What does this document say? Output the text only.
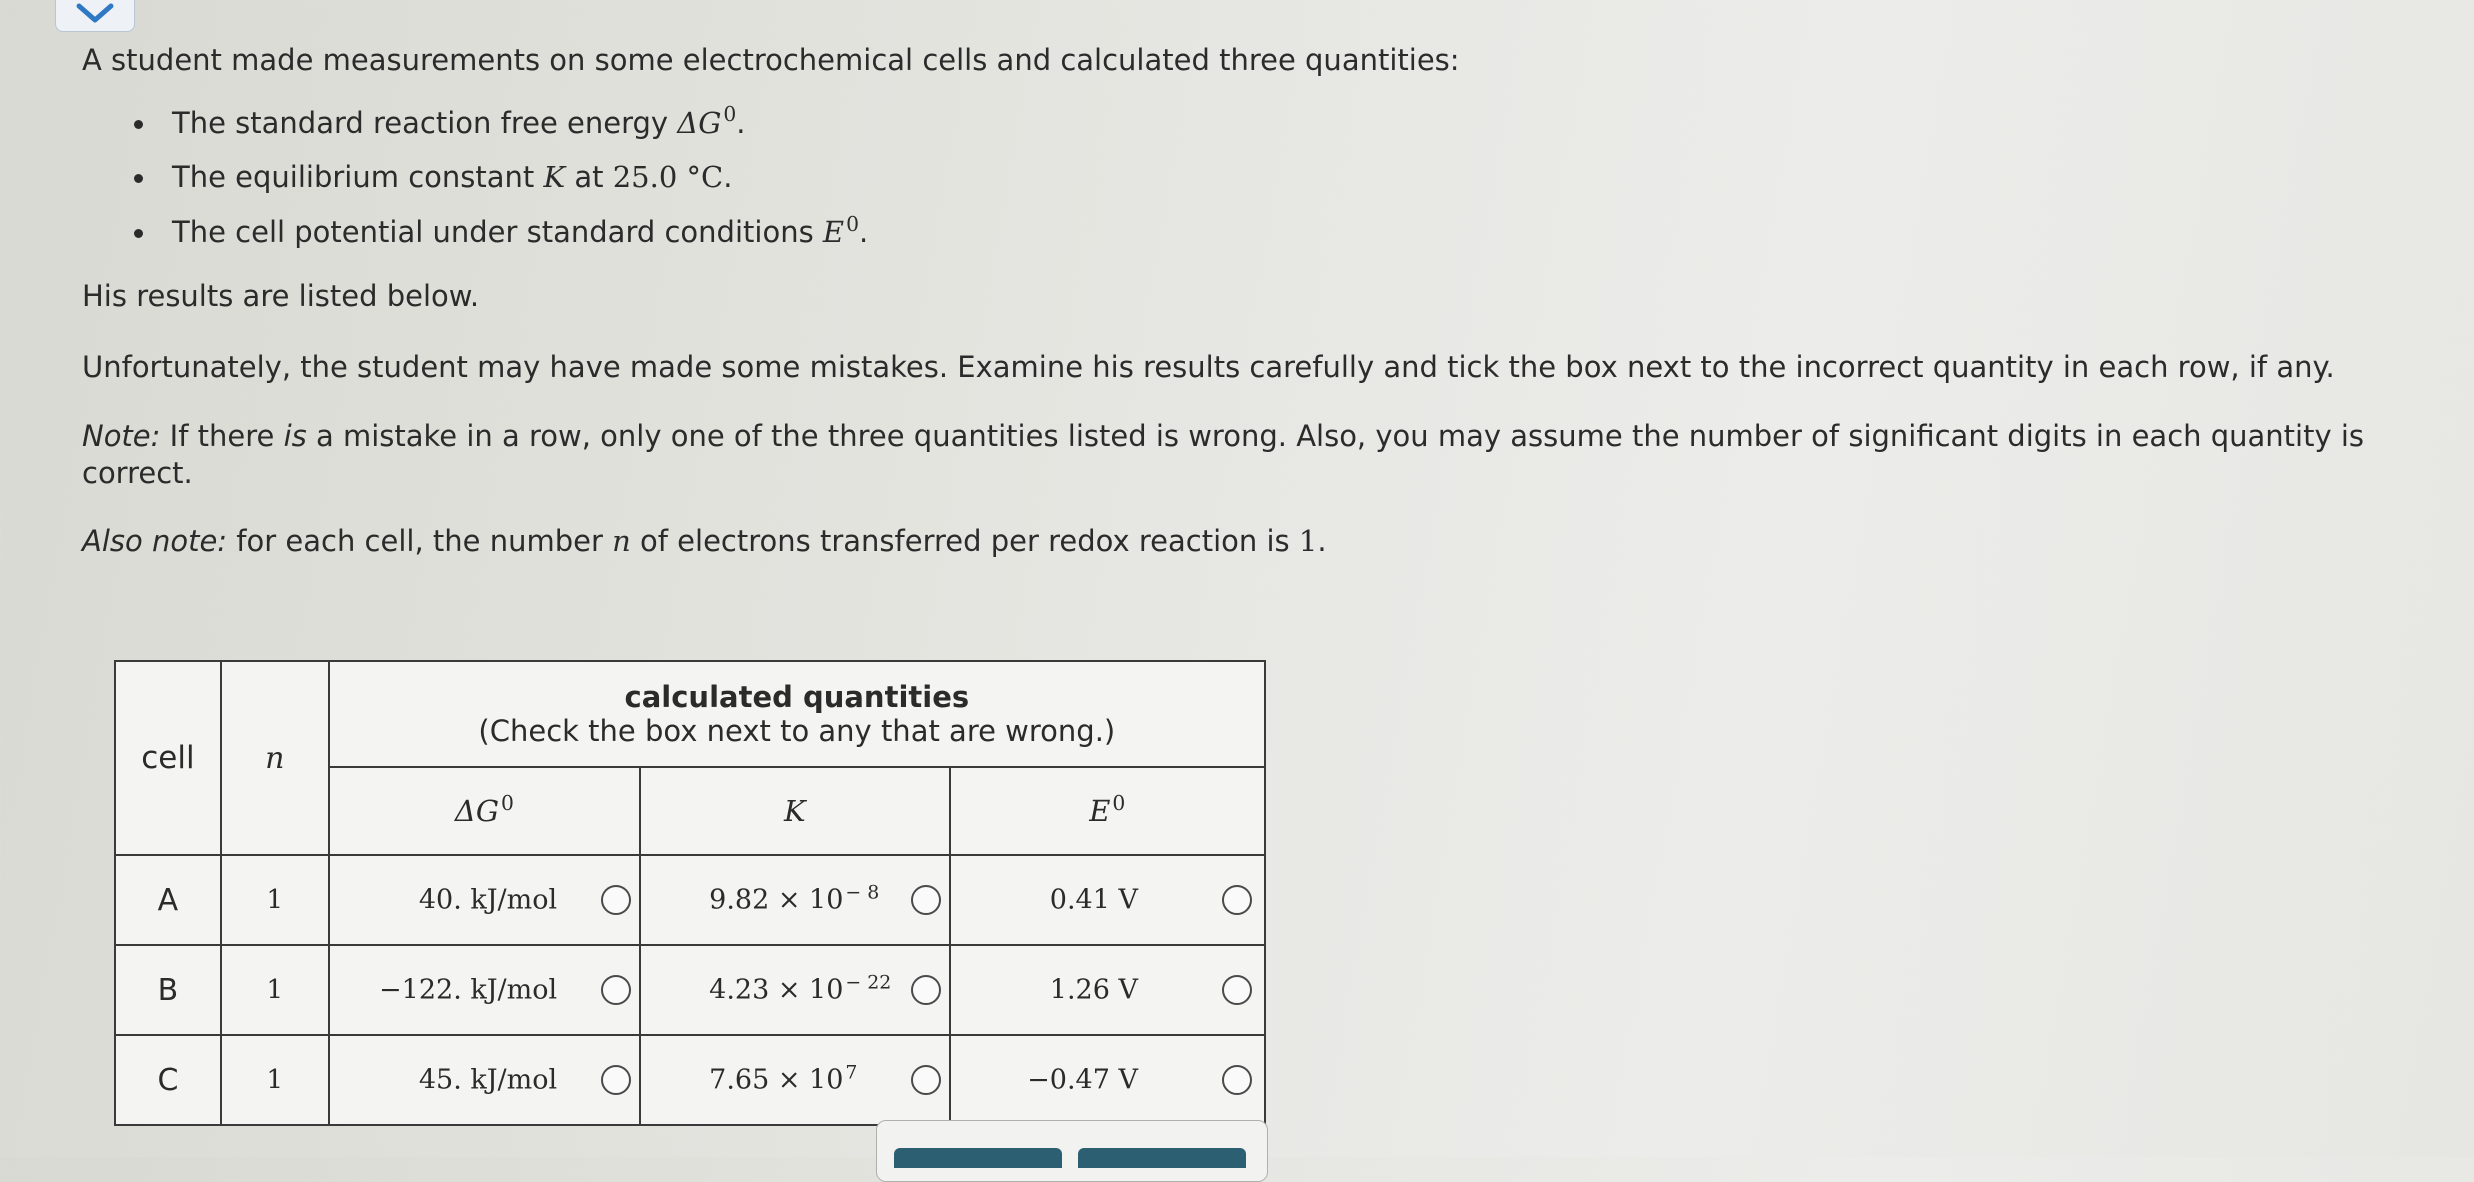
A student made measurements on some electrochemical cells and calculated three quantities:

The standard reaction free energy $\Delta G^0$.
The equilibrium constant K at 25.0 °C.
The cell potential under standard conditions $E^0$.

His results are listed below.

Unfortunately, the student may have made some mistakes. Examine his results carefully and tick the box next to the incorrect quantity in each row, if any.

Note: If there is a mistake in a row, only one of the three quantities listed is wrong. Also, you may assume the number of significant digits in each quantity is correct.

Also note: for each cell, the number n of electrons transferred per redox reaction is 1.

cell	n	calculated quantities
(Check the box next to any that are wrong.)		

		$\Delta G^0$	K	$E^0$
A	1	40. kJ/mol	9.82 × 10 $^{- 8}$	0.41 V

B	1	−122. kJ/mol	4.23 × 10 $^{- 22}$	1.26 V

C	1	45. kJ/mol	7.65 × 10 $^7$	−0.47 V
